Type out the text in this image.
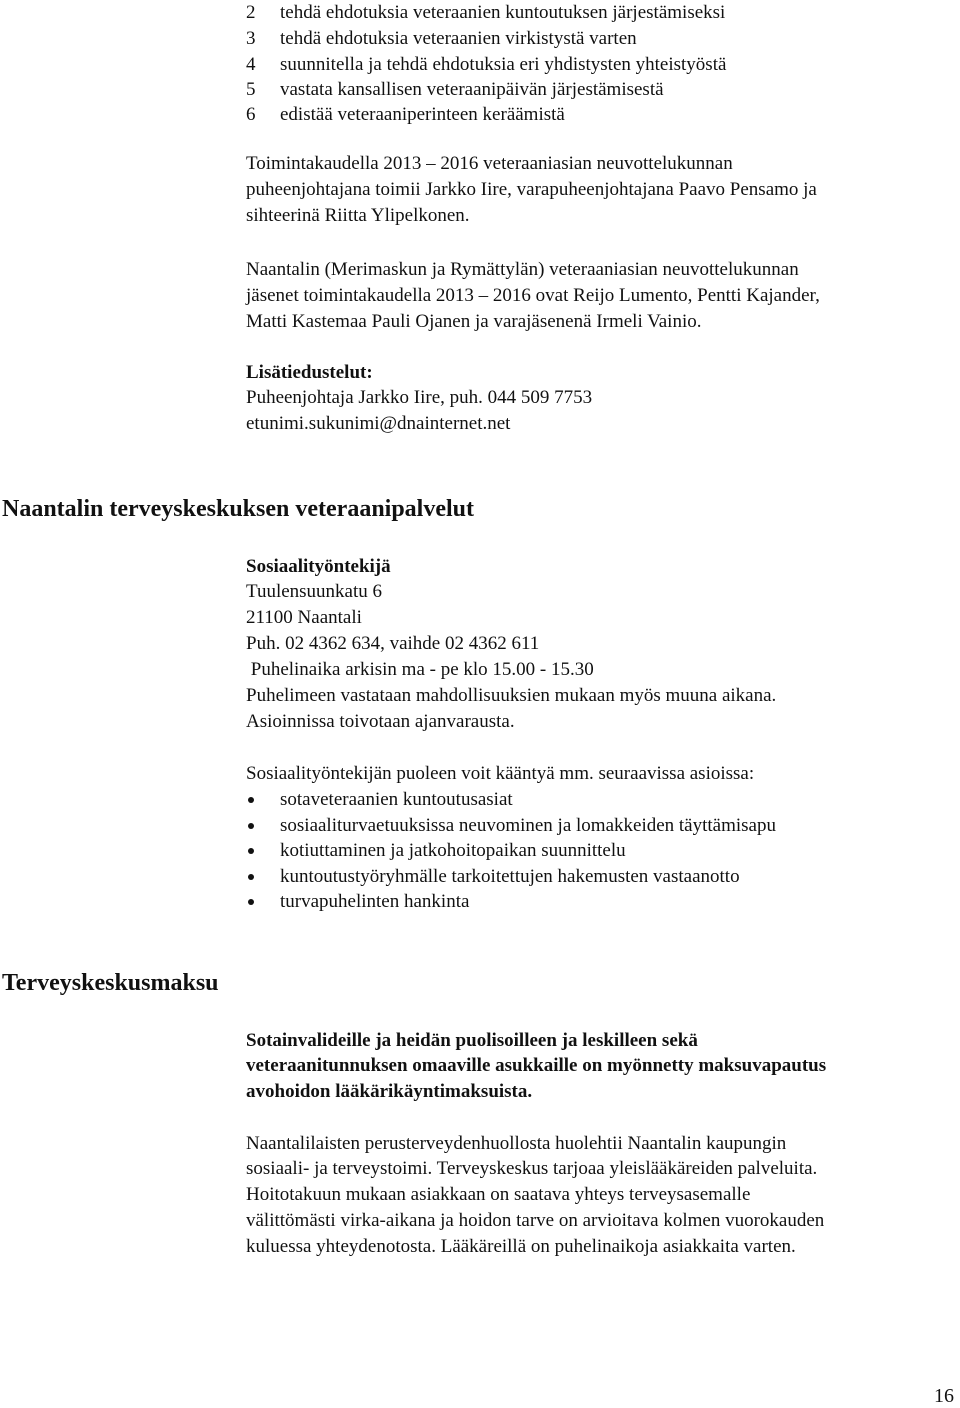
2 tehdä ehdotuksia veteraanien kuntoutuksen järjestämiseksi
3 tehdä ehdotuksia veteraanien virkistystä varten
4 suunnitella ja tehdä ehdotuksia eri yhdistysten yhteistyöstä
5 vastata kansallisen veteraanipäivän järjestämisestä
6 edistää veteraaniperinteen keräämistä
Toimintakaudella 2013 – 2016 veteraaniasian neuvottelukunnan
puheenjohtajana toimii Jarkko Iire, varapuheenjohtajana Paavo Pensamo ja
sihteerinä Riitta Ylipelkonen.
Naantalin (Merimaskun ja Rymättylän) veteraaniasian neuvottelukunnan
jäsenet toimintakaudella 2013 – 2016 ovat Reijo Lumento, Pentti Kajander,
Matti Kastemaa Pauli Ojanen ja varajäsenenä Irmeli Vainio.
Lisätiedustelut:
Puheenjohtaja Jarkko Iire, puh. 044 509 7753
etunimi.sukunimi@dnainternet.net
Naantalin terveyskeskuksen veteraanipalvelut
Sosiaalityöntekijä
Tuulensuunkatu 6
21100 Naantali
Puh. 02 4362 634, vaihde 02 4362 611
Puhelinaika arkisin ma - pe klo 15.00 - 15.30
Puhelimeen vastataan mahdollisuuksien mukaan myös muuna aikana.
Asioinnissa toivotaan ajanvarausta.
Sosiaalityöntekijän puoleen voit kääntyä mm. seuraavissa asioissa:
sotaveteraanien kuntoutusasiat
sosiaaliturvaetuuksissa neuvominen ja lomakkeiden täyttämisapu
kotiuttaminen ja jatkohoitopaikan suunnittelu
kuntoutustyöryhmälle tarkoitettujen hakemusten vastaanotto
turvapuhelinten hankinta
Terveyskeskusmaksu
Sotainvalideille ja heidän puolisoilleen ja leskilleen sekä
veteraanitunnuksen omaaville asukkaille on myönnetty maksuvapautus
avohoidon lääkärikäyntimaksuista.
Naantalilaisten perusterveydenhuollosta huolehtii Naantalin kaupungin
sosiaali- ja terveystoimi. Terveyskeskus tarjoaa yleislääkäreiden palveluita.
Hoitotakuun mukaan asiakkaan on saatava yhteys terveysasemalle
välittömästi virka-aikana ja hoidon tarve on arvioitava kolmen vuorokauden
kuluessa yhteydenotosta. Lääkäreillä on puhelinaikoja asiakkaita varten.
16
